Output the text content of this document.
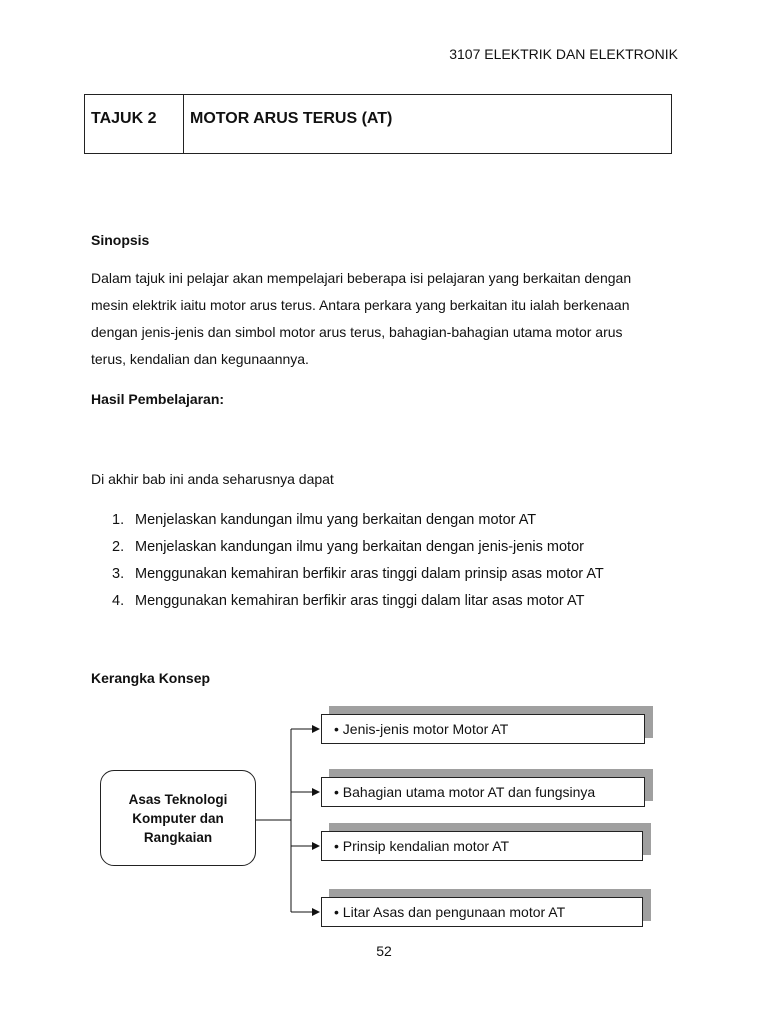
3107 ELEKTRIK DAN ELEKTRONIK
TAJUK 2	MOTOR ARUS TERUS (AT)
Sinopsis
Dalam tajuk ini pelajar akan mempelajari beberapa isi pelajaran yang berkaitan dengan
mesin elektrik iaitu motor arus terus. Antara perkara yang berkaitan itu ialah berkenaan
dengan jenis-jenis dan simbol motor arus terus, bahagian-bahagian utama motor arus
terus, kendalian dan kegunaannya.
Hasil Pembelajaran:
Di akhir bab ini anda seharusnya dapat
1. Menjelaskan kandungan ilmu yang berkaitan dengan motor AT
2. Menjelaskan kandungan ilmu yang berkaitan dengan jenis-jenis motor
3. Menggunakan kemahiran berfikir aras tinggi dalam prinsip asas motor AT
4. Menggunakan kemahiran berfikir aras tinggi dalam litar asas motor AT
Kerangka Konsep
Asas Teknologi
Komputer dan
Rangkaian
• Jenis-jenis motor Motor AT
• Bahagian utama motor AT dan fungsinya
• Prinsip kendalian motor AT
• Litar Asas dan pengunaan motor AT
52
